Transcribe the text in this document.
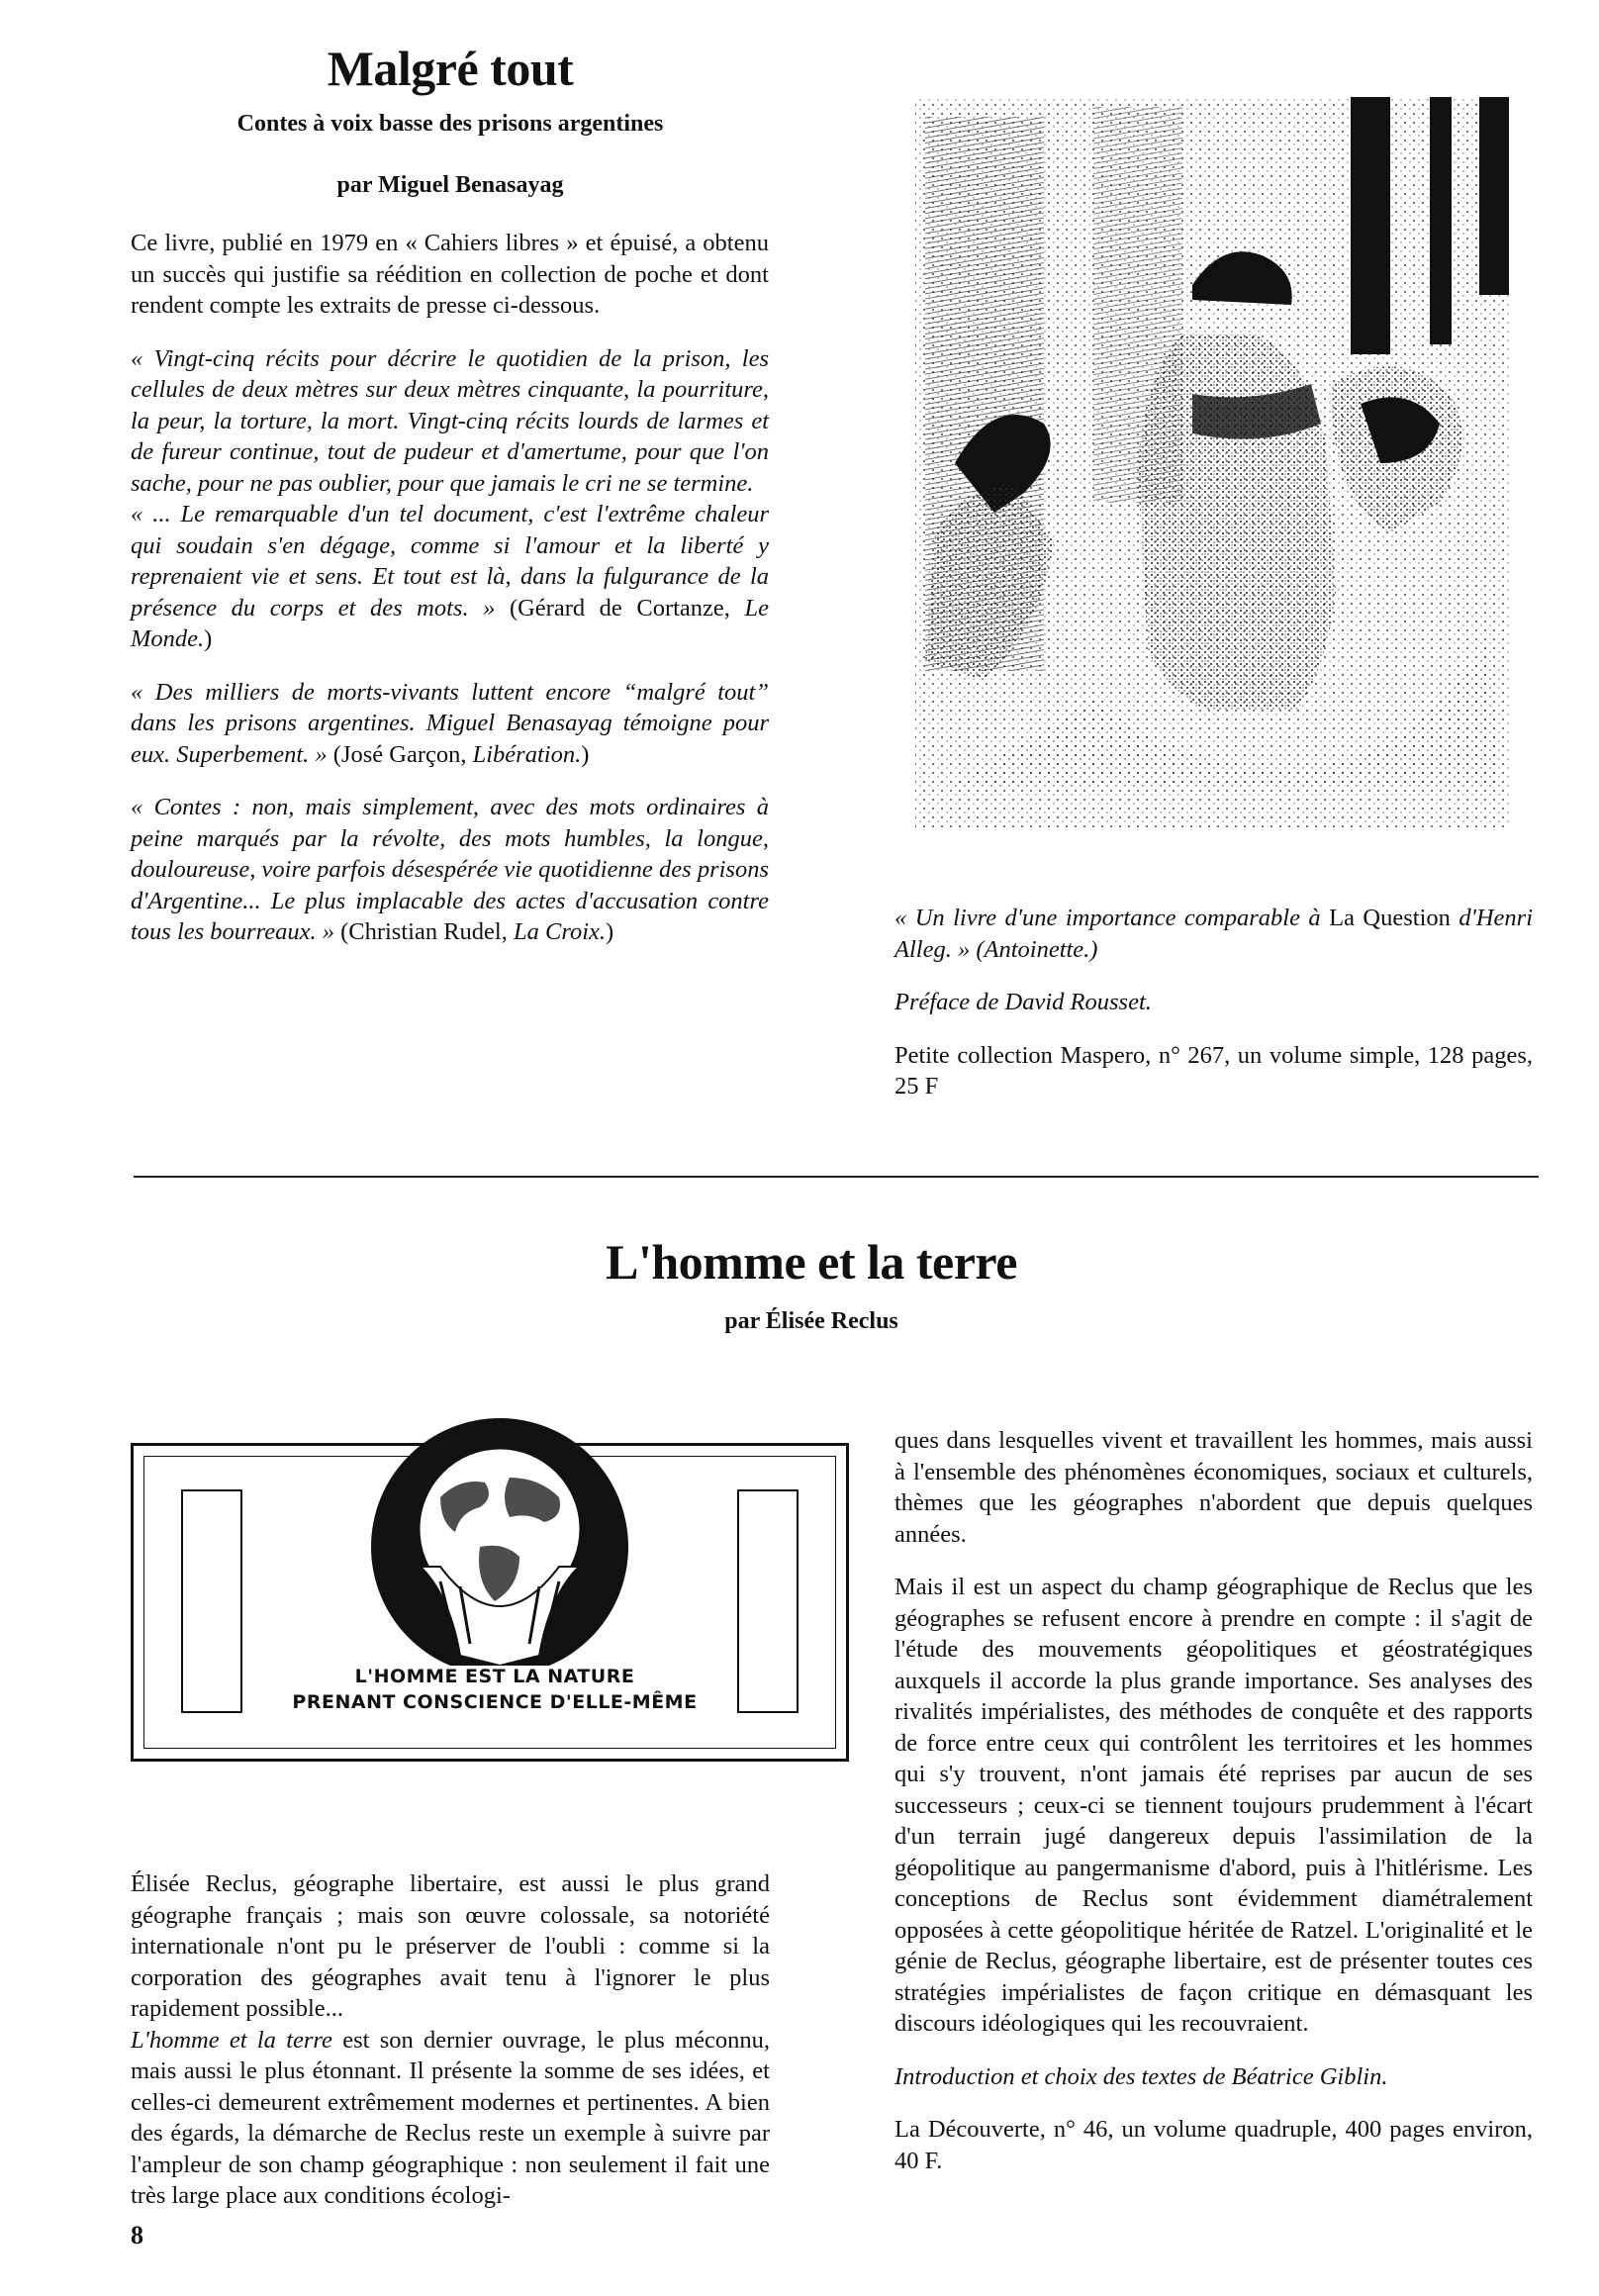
Malgré tout

Contes à voix basse des prisons argentines

par Miguel Benasayag

Ce livre, publié en 1979 en « Cahiers libres » et épuisé, a obtenu un succès qui justifie sa réédition en collection de poche et dont rendent compte les extraits de presse ci-dessous.

« Vingt-cinq récits pour décrire le quotidien de la prison, les cellules de deux mètres sur deux mètres cinquante, la pourriture, la peur, la torture, la mort. Vingt-cinq récits lourds de larmes et de fureur continue, tout de pudeur et d'amertume, pour que l'on sache, pour ne pas oublier, pour que jamais le cri ne se termine.

« ... Le remarquable d'un tel document, c'est l'extrême chaleur qui soudain s'en dégage, comme si l'amour et la liberté y reprenaient vie et sens. Et tout est là, dans la fulgurance de la présence du corps et des mots. » (Gérard de Cortanze, Le Monde.)

« Des milliers de morts-vivants luttent encore “malgré tout” dans les prisons argentines. Miguel Benasayag témoigne pour eux. Superbement. » (José Garçon, Libération.)

« Contes : non, mais simplement, avec des mots ordinaires à peine marqués par la révolte, des mots humbles, la longue, douloureuse, voire parfois désespérée vie quotidienne des prisons d'Argentine... Le plus implacable des actes d'accusation contre tous les bourreaux. » (Christian Rudel, La Croix.)

« Un livre d'une importance comparable à La Question d'Henri Alleg. » (Antoinette.)

Préface de David Rousset.

Petite collection Maspero, n° 267, un volume simple, 128 pages, 25 F

L'homme et la terre

par Élisée Reclus

L'HOMME EST LA NATURE
PRENANT CONSCIENCE D'ELLE-MÊME

Élisée Reclus, géographe libertaire, est aussi le plus grand géographe français ; mais son œuvre colossale, sa notoriété internationale n'ont pu le préserver de l'oubli : comme si la corporation des géographes avait tenu à l'ignorer le plus rapidement possible...

L'homme et la terre est son dernier ouvrage, le plus méconnu, mais aussi le plus étonnant. Il présente la somme de ses idées, et celles-ci demeurent extrêmement modernes et pertinentes. A bien des égards, la démarche de Reclus reste un exemple à suivre par l'ampleur de son champ géographique : non seulement il fait une très large place aux conditions écologi-

ques dans lesquelles vivent et travaillent les hommes, mais aussi à l'ensemble des phénomènes économiques, sociaux et culturels, thèmes que les géographes n'abordent que depuis quelques années.

Mais il est un aspect du champ géographique de Reclus que les géographes se refusent encore à prendre en compte : il s'agit de l'étude des mouvements géopolitiques et géostratégiques auxquels il accorde la plus grande importance. Ses analyses des rivalités impérialistes, des méthodes de conquête et des rapports de force entre ceux qui contrôlent les territoires et les hommes qui s'y trouvent, n'ont jamais été reprises par aucun de ses successeurs ; ceux-ci se tiennent toujours prudemment à l'écart d'un terrain jugé dangereux depuis l'assimilation de la géopolitique au pangermanisme d'abord, puis à l'hitlérisme. Les conceptions de Reclus sont évidemment diamétralement opposées à cette géopolitique héritée de Ratzel. L'originalité et le génie de Reclus, géographe libertaire, est de présenter toutes ces stratégies impérialistes de façon critique en démasquant les discours idéologiques qui les recouvraient.

Introduction et choix des textes de Béatrice Giblin.

La Découverte, n° 46, un volume quadruple, 400 pages environ, 40 F.

8
